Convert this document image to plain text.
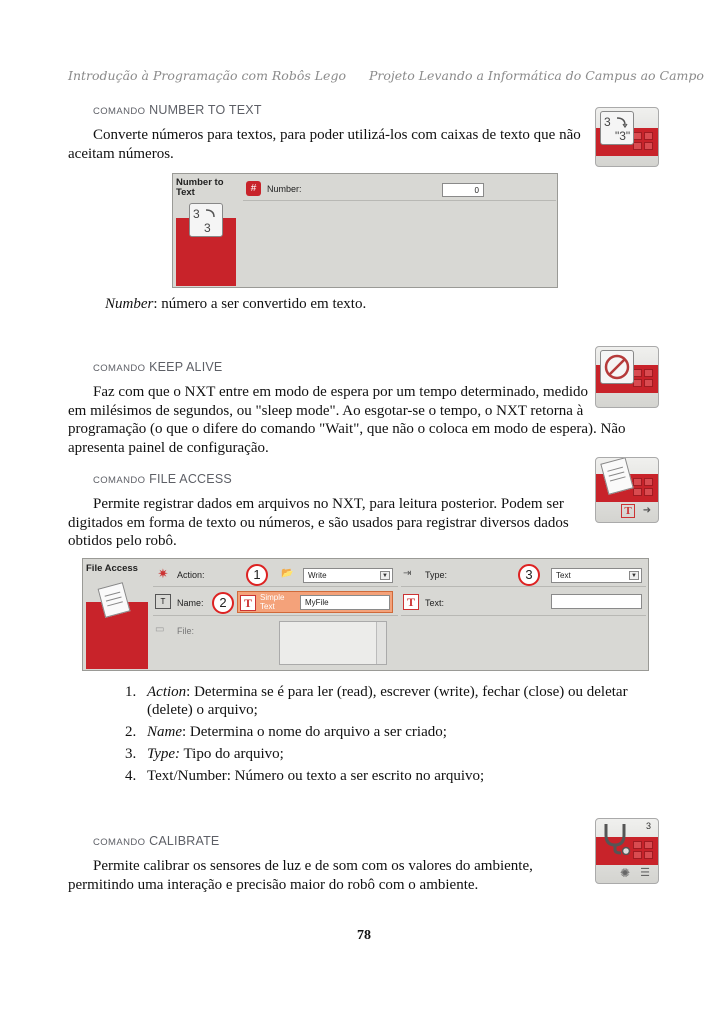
Introdução à Programação com Robôs Lego Projeto Levando a Informática do Campus ao Campo
COMANDO NUMBER TO TEXT
3
"3"
Converte números para textos, para poder utilizá-los com caixas de texto que não
aceitam números.
Number to
Text
3
3
#	Number:	0
Number: número a ser convertido em texto.
COMANDO KEEP ALIVE
Faz com que o NXT entre em modo de espera por um tempo determinado, medido
em milésimos de segundos, ou "sleep mode". Ao esgotar-se o tempo, o NXT retorna à
programação (o que o difere do comando "Wait", que não o coloca em modo de espera). Não
apresenta painel de configuração.
COMANDO FILE ACCESS
T	➜
Permite registrar dados em arquivos no NXT, para leitura posterior. Podem ser
digitados em forma de texto ou números, e são usados para registrar diversos dados
obtidos pelo robô.
File Access ✷ Action:	1	📂	Write	▼ ⇥	Type:	3	Text	▼
T	Name:	2	T	Simple
Text	MyFile	T	Text:
▭	File:
1. Action: Determina se é para ler (read), escrever (write), fechar (close) ou deletar
(delete) o arquivo;
2. Name: Determina o nome do arquivo a ser criado;
3. Type: Tipo do arquivo;
4. Text/Number: Número ou texto a ser escrito no arquivo;
COMANDO CALIBRATE
3
✺ ☰
Permite calibrar os sensores de luz e de som com os valores do ambiente,
permitindo uma interação e precisão maior do robô com o ambiente.
78
